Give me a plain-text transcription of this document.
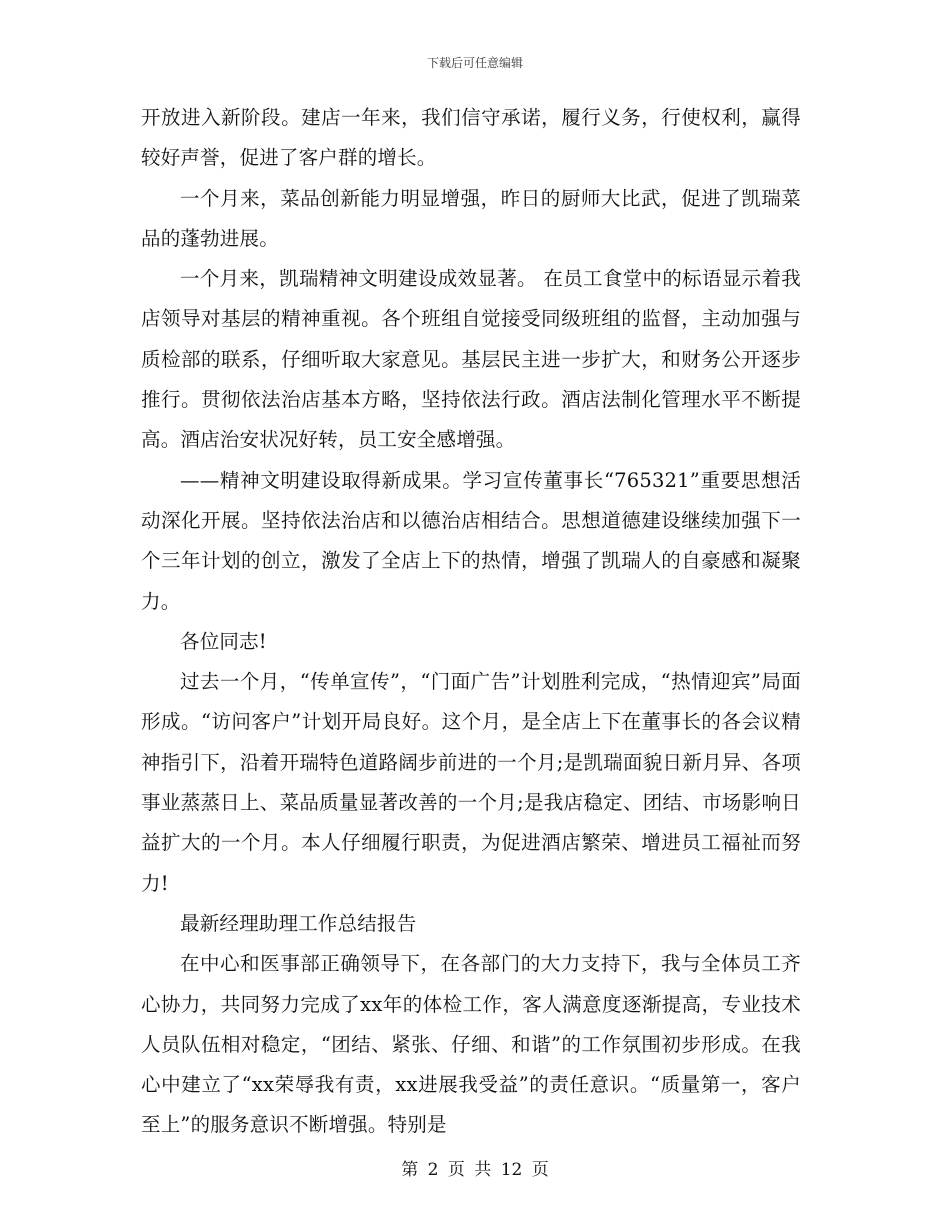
下载后可任意编辑

开放进入新阶段。建店一年来，我们信守承诺，履行义务，行使权利，赢得较好声誉，促进了客户群的增长。

一个月来，菜品创新能力明显增强，昨日的厨师大比武，促进了凯瑞菜品的蓬勃进展。

一个月来，凯瑞精神文明建设成效显著。 在员工食堂中的标语显示着我店领导对基层的精神重视。各个班组自觉接受同级班组的监督，主动加强与质检部的联系，仔细听取大家意见。基层民主进一步扩大，和财务公开逐步推行。贯彻依法治店基本方略，坚持依法行政。酒店法制化管理水平不断提高。酒店治安状况好转，员工安全感增强。

——精神文明建设取得新成果。学习宣传董事长“765321”重要思想活动深化开展。坚持依法治店和以德治店相结合。思想道德建设继续加强下一个三年计划的创立，激发了全店上下的热情，增强了凯瑞人的自豪感和凝聚力。

各位同志!

过去一个月，“传单宣传”，“门面广告”计划胜利完成，“热情迎宾”局面形成。“访问客户”计划开局良好。这个月，是全店上下在董事长的各会议精神指引下，沿着开瑞特色道路阔步前进的一个月;是凯瑞面貌日新月异、各项事业蒸蒸日上、菜品质量显著改善的一个月;是我店稳定、团结、市场影响日益扩大的一个月。本人仔细履行职责，为促进酒店繁荣、增进员工福祉而努力!

最新经理助理工作总结报告

在中心和医事部正确领导下，在各部门的大力支持下，我与全体员工齐心协力，共同努力完成了xx年的体检工作，客人满意度逐渐提高，专业技术人员队伍相对稳定，“团结、紧张、仔细、和谐”的工作氛围初步形成。在我心中建立了“xx荣辱我有责，xx进展我受益”的责任意识。“质量第一，客户至上”的服务意识不断增强。特别是

第 2 页 共 12 页
